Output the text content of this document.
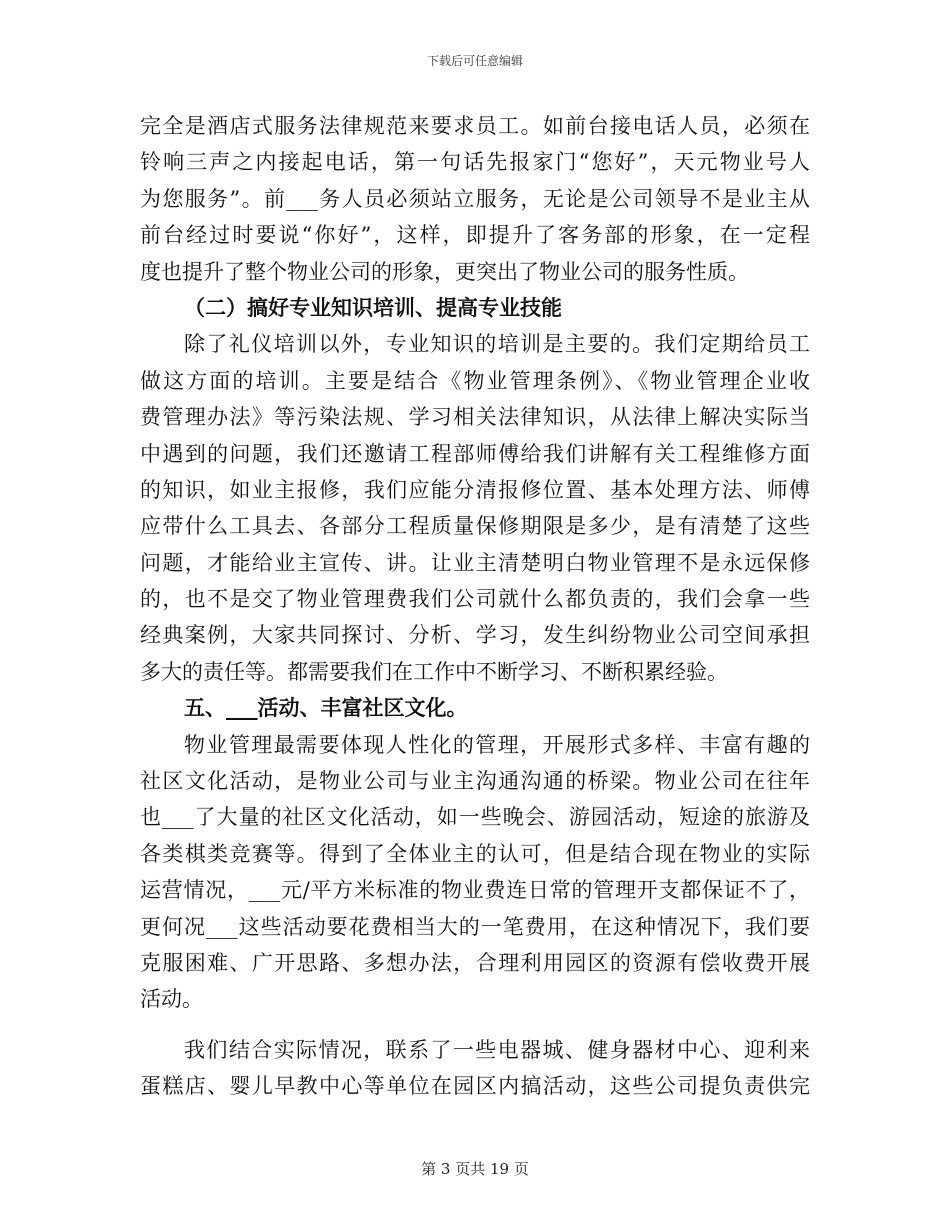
下载后可任意编辑
完全是酒店式服务法律规范来要求员工。如前台接电话人员，必须在
铃响三声之内接起电话，第一句话先报家门“您好”，天元物业号人
为您服务”。前___务人员必须站立服务，无论是公司领导不是业主从
前台经过时要说“你好”，这样，即提升了客务部的形象，在一定程
度也提升了整个物业公司的形象，更突出了物业公司的服务性质。
（二）搞好专业知识培训、提高专业技能
除了礼仪培训以外，专业知识的培训是主要的。我们定期给员工
做这方面的培训。主要是结合《物业管理条例》、《物业管理企业收
费管理办法》等污染法规、学习相关法律知识，从法律上解决实际当
中遇到的问题，我们还邀请工程部师傅给我们讲解有关工程维修方面
的知识，如业主报修，我们应能分清报修位置、基本处理方法、师傅
应带什么工具去、各部分工程质量保修期限是多少，是有清楚了这些
问题，才能给业主宣传、讲。让业主清楚明白物业管理不是永远保修
的，也不是交了物业管理费我们公司就什么都负责的，我们会拿一些
经典案例，大家共同探讨、分析、学习，发生纠纷物业公司空间承担
多大的责任等。都需要我们在工作中不断学习、不断积累经验。
五、___活动、丰富社区文化。
物业管理最需要体现人性化的管理，开展形式多样、丰富有趣的
社区文化活动，是物业公司与业主沟通沟通的桥梁。物业公司在往年
也___了大量的社区文化活动，如一些晚会、游园活动，短途的旅游及
各类棋类竞赛等。得到了全体业主的认可，但是结合现在物业的实际
运营情况，___元/平方米标准的物业费连日常的管理开支都保证不了，
更何况___这些活动要花费相当大的一笔费用，在这种情况下，我们要
克服困难、广开思路、多想办法，合理利用园区的资源有偿收费开展
活动。
我们结合实际情况，联系了一些电器城、健身器材中心、迎利来
蛋糕店、婴儿早教中心等单位在园区内搞活动，这些公司提负责供完
第 3 页共 19 页
